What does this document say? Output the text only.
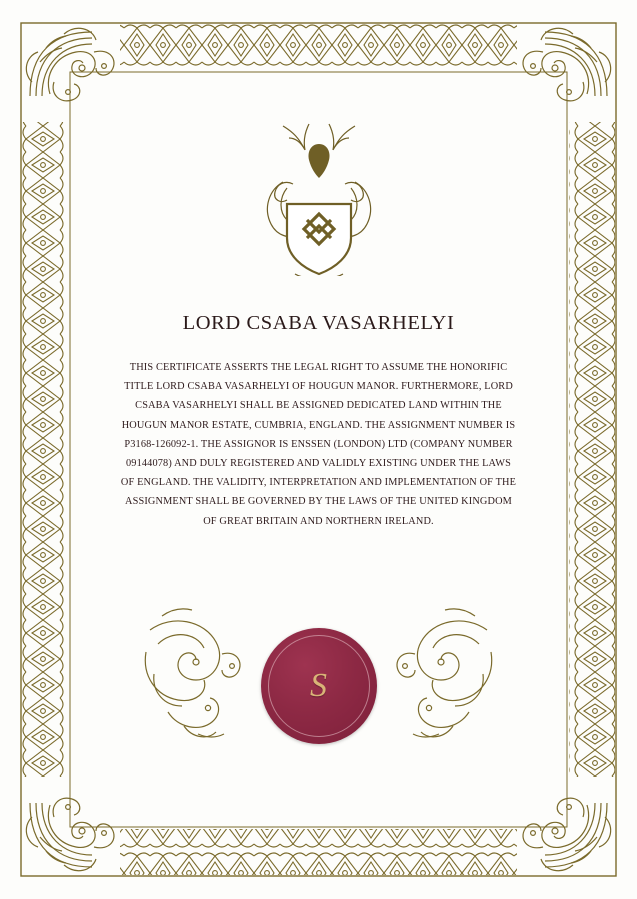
LORD CSABA VASARHELYI
THIS CERTIFICATE ASSERTS THE LEGAL RIGHT TO ASSUME THE HONORIFIC TITLE LORD CSABA VASARHELYI OF HOUGUN MANOR. FURTHERMORE, LORD CSABA VASARHELYI SHALL BE ASSIGNED DEDICATED LAND WITHIN THE HOUGUN MANOR ESTATE, CUMBRIA, ENGLAND. THE ASSIGNMENT NUMBER IS P3168-126092-1. THE ASSIGNOR IS ENSSEN (LONDON) LTD (COMPANY NUMBER 09144078) AND DULY REGISTERED AND VALIDLY EXISTING UNDER THE LAWS OF ENGLAND. THE VALIDITY, INTERPRETATION AND IMPLEMENTATION OF THE ASSIGNMENT SHALL BE GOVERNED BY THE LAWS OF THE UNITED KINGDOM OF GREAT BRITAIN AND NORTHERN IRELAND.
S
